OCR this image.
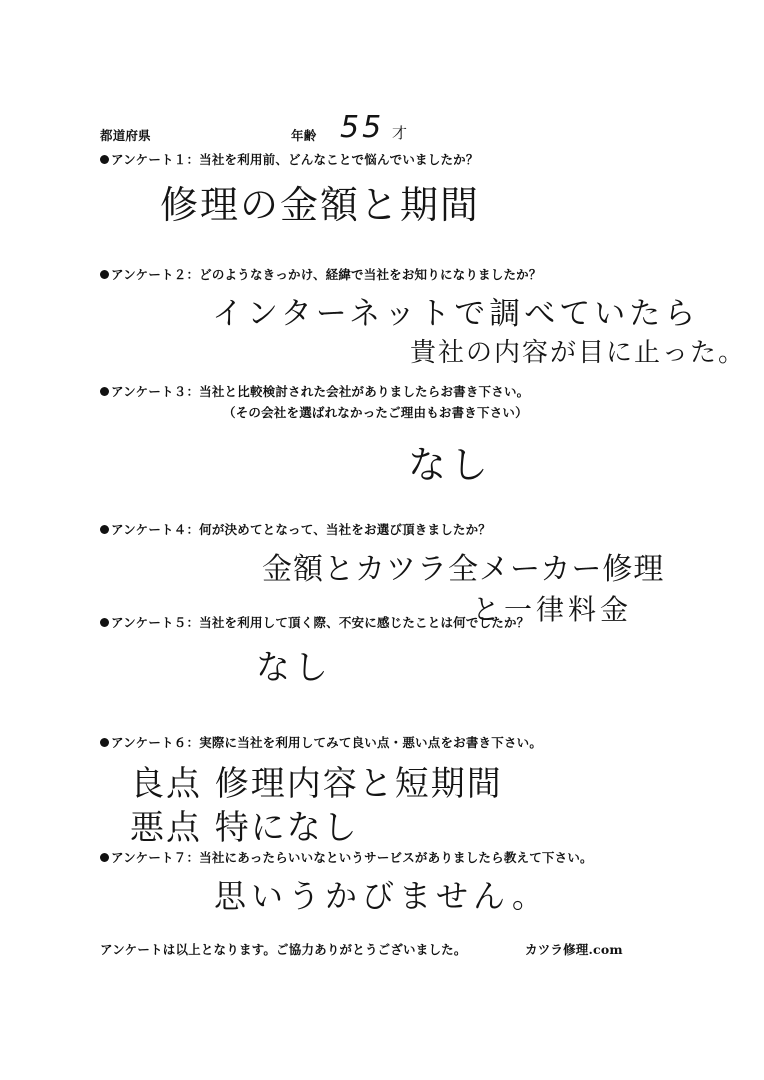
都道府県	年齢 55 才
アンケート１：当社を利用前、どんなことで悩んでいましたか？
修理の金額と期間
アンケート２：どのようなきっかけ、経緯で当社をお知りになりましたか？
インターネットで調べていたら
貴社の内容が目に止った。
アンケート３：当社と比較検討された会社がありましたらお書き下さい。
（その会社を選ばれなかったご理由もお書き下さい）
なし
アンケート４：何が決めてとなって、当社をお選び頂きましたか？
金額とカツラ全メーカー修理
と一律料金
アンケート５：当社を利用して頂く際、不安に感じたことは何でしたか？
なし
アンケート６：実際に当社を利用してみて良い点・悪い点をお書き下さい。
良点 修理内容と短期間
悪点 特になし
アンケート７：当社にあったらいいなというサービスがありましたら教えて下さい。
思いうかびません。
アンケートは以上となります。ご協力ありがとうございました。	カツラ修理.com
